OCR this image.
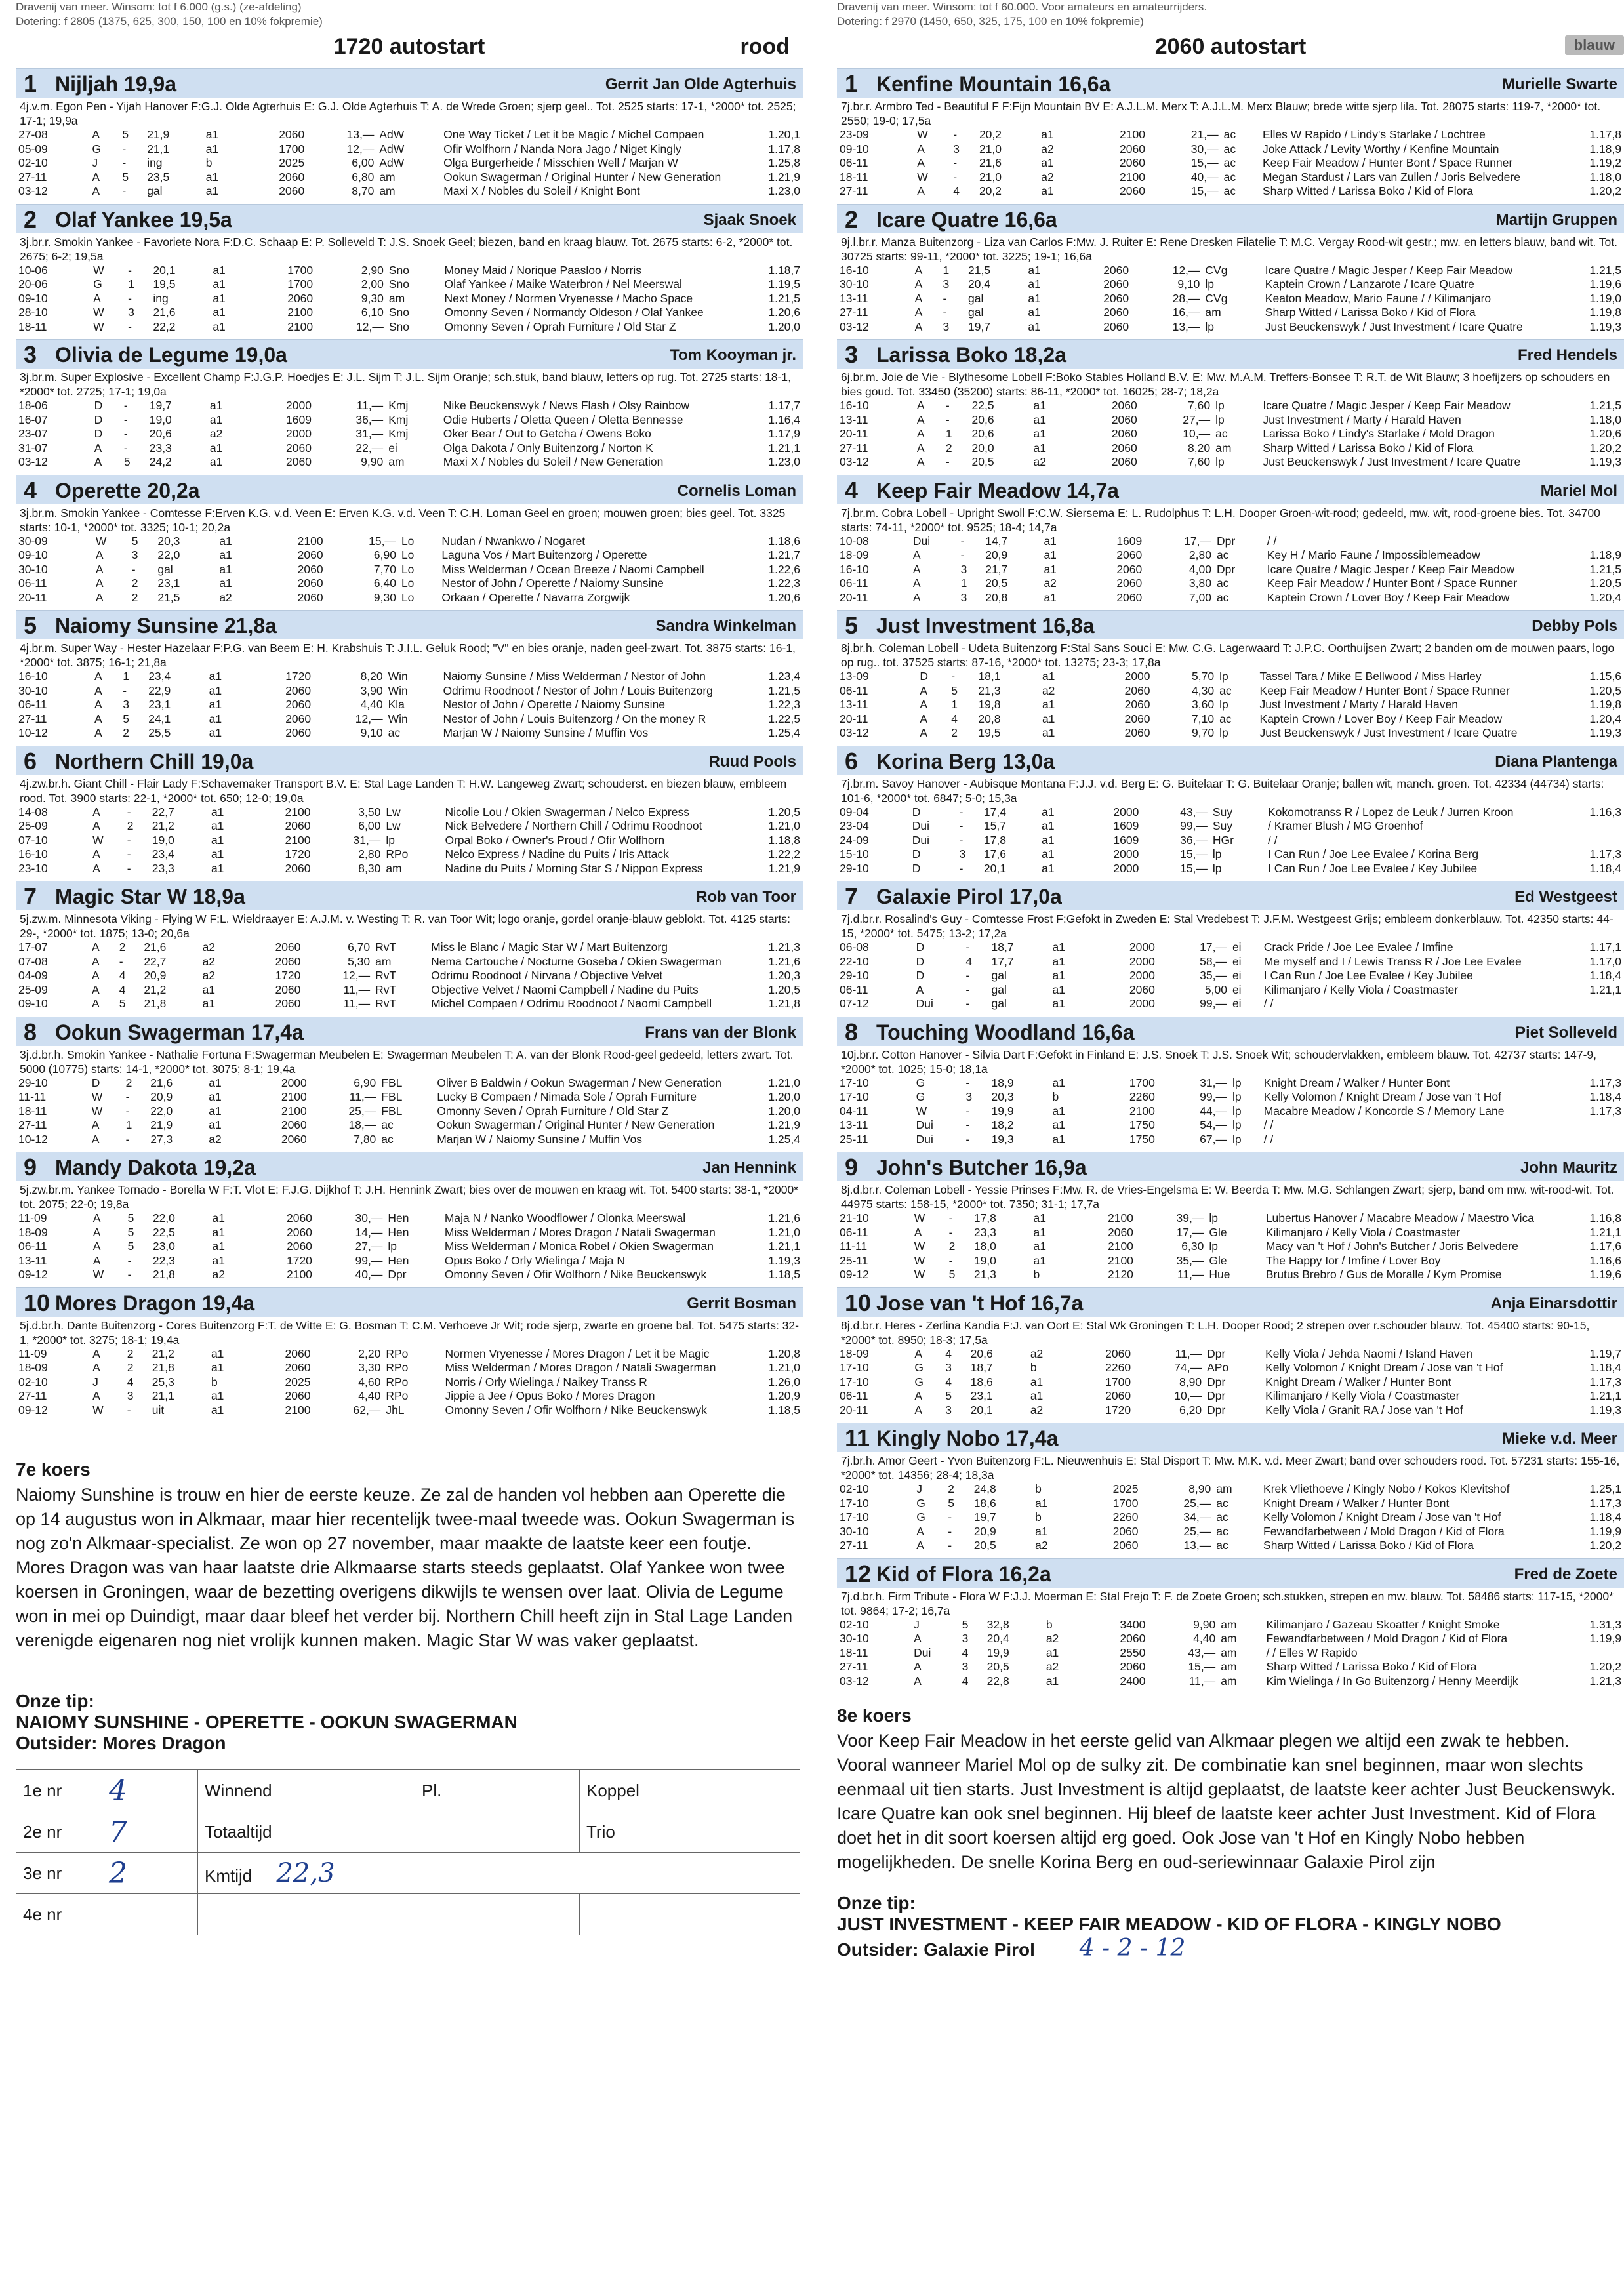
Dravenij van meer. Winsom: tot f 6.000 (g.s.) (ze-afdeling)
Dotering: f 2805 (1375, 625, 300, 150, 100 en 10% fokpremie)
1720 autostart	rood
1 Nijljah 19,9a	Gerrit Jan Olde Agterhuis
4j.v.m. Egon Pen - Yijah Hanover F:G.J. Olde Agterhuis E: G.J. Olde Agterhuis T: A. de Wrede Groen; sjerp geel.. Tot. 2525 starts: 17-1, *2000* tot. 2525; 17-1; 19,9a
27-08	A	5	21,9	a1	2060	13,—	AdW	One Way Ticket / Let it be Magic / Michel Compaen	1.20,1
05-09	G	-	21,1	a1	1700	12,—	AdW	Ofir Wolfhorn / Nanda Nora Jago / Niget Kingly	1.17,8
02-10	J	-	ing	b	2025	6,00	AdW	Olga Burgerheide / Misschien Well / Marjan W	1.25,8
27-11	A	5	23,5	a1	2060	6,80	am	Ookun Swagerman / Original Hunter / New Generation	1.21,9
03-12	A	-	gal	a1	2060	8,70	am	Maxi X / Nobles du Soleil / Knight Bont	1.23,0
2 Olaf Yankee 19,5a	Sjaak Snoek
3j.br.r. Smokin Yankee - Favoriete Nora F:D.C. Schaap E: P. Solleveld T: J.S. Snoek Geel; biezen, band en kraag blauw. Tot. 2675 starts: 6-2, *2000* tot. 2675; 6-2; 19,5a
10-06	W	-	20,1	a1	1700	2,90	Sno	Money Maid / Norique Paasloo / Norris	1.18,7
20-06	G	1	19,5	a1	1700	2,00	Sno	Olaf Yankee / Maike Waterbron / Nel Meerswal	1.19,5
09-10	A	-	ing	a1	2060	9,30	am	Next Money / Normen Vryenesse / Macho Space	1.21,5
28-10	W	3	21,6	a1	2100	6,10	Sno	Omonny Seven / Normandy Oldeson / Olaf Yankee	1.20,6
18-11	W	-	22,2	a1	2100	12,—	Sno	Omonny Seven / Oprah Furniture / Old Star Z	1.20,0
3 Olivia de Legume 19,0a	Tom Kooyman jr.
3j.br.m. Super Explosive - Excellent Champ F:J.G.P. Hoedjes E: J.L. Sijm T: J.L. Sijm Oranje; sch.stuk, band blauw, letters op rug. Tot. 2725 starts: 18-1, *2000* tot. 2725; 17-1; 19,0a
18-06	D	-	19,7	a1	2000	11,—	Kmj	Nike Beuckenswyk / News Flash / Olsy Rainbow	1.17,7
16-07	D	-	19,0	a1	1609	36,—	Kmj	Odie Huberts / Oletta Queen / Oletta Bennesse	1.16,4
23-07	D	-	20,6	a2	2000	31,—	Kmj	Oker Bear / Out to Getcha / Owens Boko	1.17,9
31-07	A	-	23,3	a1	2060	22,—	ei	Olga Dakota / Only Buitenzorg / Norton K	1.21,1
03-12	A	5	24,2	a1	2060	9,90	am	Maxi X / Nobles du Soleil / New Generation	1.23,0
4 Operette 20,2a	Cornelis Loman
3j.br.m. Smokin Yankee - Comtesse F:Erven K.G. v.d. Veen E: Erven K.G. v.d. Veen T: C.H. Loman Geel en groen; mouwen groen; bies geel. Tot. 3325 starts: 10-1, *2000* tot. 3325; 10-1; 20,2a
30-09	W	5	20,3	a1	2100	15,—	Lo	Nudan / Nwankwo / Nogaret	1.18,6
09-10	A	3	22,0	a1	2060	6,90	Lo	Laguna Vos / Mart Buitenzorg / Operette	1.21,7
30-10	A	-	gal	a1	2060	7,70	Lo	Miss Welderman / Ocean Breeze / Naomi Campbell	1.22,6
06-11	A	2	23,1	a1	2060	6,40	Lo	Nestor of John / Operette / Naiomy Sunsine	1.22,3
20-11	A	2	21,5	a2	2060	9,30	Lo	Orkaan / Operette / Navarra Zorgwijk	1.20,6
5 Naiomy Sunsine 21,8a	Sandra Winkelman
4j.br.m. Super Way - Hester Hazelaar F:P.G. van Beem E: H. Krabshuis T: J.I.L. Geluk Rood; "V" en bies oranje, naden geel-zwart. Tot. 3875 starts: 16-1, *2000* tot. 3875; 16-1; 21,8a
16-10	A	1	23,4	a1	1720	8,20	Win	Naiomy Sunsine / Miss Welderman / Nestor of John	1.23,4
30-10	A	-	22,9	a1	2060	3,90	Win	Odrimu Roodnoot / Nestor of John / Louis Buitenzorg	1.21,5
06-11	A	3	23,1	a1	2060	4,40	Kla	Nestor of John / Operette / Naiomy Sunsine	1.22,3
27-11	A	5	24,1	a1	2060	12,—	Win	Nestor of John / Louis Buitenzorg / On the money R	1.22,5
10-12	A	2	25,5	a1	2060	9,10	ac	Marjan W / Naiomy Sunsine / Muffin Vos	1.25,4
6 Northern Chill 19,0a	Ruud Pools
4j.zw.br.h. Giant Chill - Flair Lady F:Schavemaker Transport B.V. E: Stal Lage Landen T: H.W. Langeweg Zwart; schouderst. en biezen blauw, embleem rood. Tot. 3900 starts: 22-1, *2000* tot. 650; 12-0; 19,0a
14-08	A	-	22,7	a1	2100	3,50	Lw	Nicolie Lou / Okien Swagerman / Nelco Express	1.20,5
25-09	A	2	21,2	a1	2060	6,00	Lw	Nick Belvedere / Northern Chill / Odrimu Roodnoot	1.21,0
07-10	W	-	19,0	a1	2100	31,—	lp	Orpal Boko / Owner's Proud / Ofir Wolfhorn	1.18,8
16-10	A	-	23,4	a1	1720	2,80	RPo	Nelco Express / Nadine du Puits / Iris Attack	1.22,2
23-10	A	-	23,3	a1	2060	8,30	am	Nadine du Puits / Morning Star S / Nippon Express	1.21,9
7 Magic Star W 18,9a	Rob van Toor
5j.zw.m. Minnesota Viking - Flying W F:L. Wieldraayer E: A.J.M. v. Westing T: R. van Toor Wit; logo oranje, gordel oranje-blauw geblokt. Tot. 4125 starts: 29-, *2000* tot. 1875; 13-0; 20,6a
17-07	A	2	21,6	a2	2060	6,70	RvT	Miss le Blanc / Magic Star W / Mart Buitenzorg	1.21,3
07-08	A	-	22,7	a2	2060	5,30	am	Nema Cartouche / Nocturne Goseba / Okien Swagerman	1.21,6
04-09	A	4	20,9	a2	1720	12,—	RvT	Odrimu Roodnoot / Nirvana / Objective Velvet	1.20,3
25-09	A	4	21,2	a1	2060	11,—	RvT	Objective Velvet / Naomi Campbell / Nadine du Puits	1.20,5
09-10	A	5	21,8	a1	2060	11,—	RvT	Michel Compaen / Odrimu Roodnoot / Naomi Campbell	1.21,8
8 Ookun Swagerman 17,4a	Frans van der Blonk
3j.d.br.h. Smokin Yankee - Nathalie Fortuna F:Swagerman Meubelen E: Swagerman Meubelen T: A. van der Blonk Rood-geel gedeeld, letters zwart. Tot. 5000 (10775) starts: 14-1, *2000* tot. 3075; 8-1; 19,4a
29-10	D	2	21,6	a1	2000	6,90	FBL	Oliver B Baldwin / Ookun Swagerman / New Generation	1.21,0
11-11	W	-	20,9	a1	2100	11,—	FBL	Lucky B Compaen / Nimada Sole / Oprah Furniture	1.20,0
18-11	W	-	22,0	a1	2100	25,—	FBL	Omonny Seven / Oprah Furniture / Old Star Z	1.20,0
27-11	A	1	21,9	a1	2060	18,—	ac	Ookun Swagerman / Original Hunter / New Generation	1.21,9
10-12	A	-	27,3	a2	2060	7,80	ac	Marjan W / Naiomy Sunsine / Muffin Vos	1.25,4
9 Mandy Dakota 19,2a	Jan Hennink
5j.zw.br.m. Yankee Tornado - Borella W F:T. Vlot E: F.J.G. Dijkhof T: J.H. Hennink Zwart; bies over de mouwen en kraag wit. Tot. 5400 starts: 38-1, *2000* tot. 2075; 22-0; 19,8a
11-09	A	5	22,0	a1	2060	30,—	Hen	Maja N / Nanko Woodflower / Olonka Meerswal	1.21,6
18-09	A	5	22,5	a1	2060	14,—	Hen	Miss Welderman / Mores Dragon / Natali Swagerman	1.21,0
06-11	A	5	23,0	a1	2060	27,—	lp	Miss Welderman / Monica Robel / Okien Swagerman	1.21,1
13-11	A	-	22,3	a1	1720	99,—	Hen	Opus Boko / Orly Wielinga / Maja N	1.19,3
09-12	W	-	21,8	a2	2100	40,—	Dpr	Omonny Seven / Ofir Wolfhorn / Nike Beuckenswyk	1.18,5
10 Mores Dragon 19,4a	Gerrit Bosman
5j.d.br.h. Dante Buitenzorg - Cores Buitenzorg F:T. de Witte E: G. Bosman T: C.M. Verhoeve Jr Wit; rode sjerp, zwarte en groene bal. Tot. 5475 starts: 32-1, *2000* tot. 3275; 18-1; 19,4a
11-09	A	2	21,2	a1	2060	2,20	RPo	Normen Vryenesse / Mores Dragon / Let it be Magic	1.20,8
18-09	A	2	21,8	a1	2060	3,30	RPo	Miss Welderman / Mores Dragon / Natali Swagerman	1.21,0
02-10	J	4	25,3	b	2025	4,60	RPo	Norris / Orly Wielinga / Naikey Transs R	1.26,0
27-11	A	3	21,1	a1	2060	4,40	RPo	Jippie a Jee / Opus Boko / Mores Dragon	1.20,9
09-12	W	-	uit	a1	2100	62,—	JhL	Omonny Seven / Ofir Wolfhorn / Nike Beuckenswyk	1.18,5
7e koers

Naiomy Sunshine is trouw en hier de eerste keuze. Ze zal de handen vol hebben aan Operette die op 14 augustus won in Alkmaar, maar hier recentelijk twee-maal tweede was. Ookun Swagerman is nog zo'n Alkmaar-specialist. Ze won op 27 november, maar maakte de laatste keer een foutje. Mores Dragon was van haar laatste drie Alkmaarse starts steeds geplaatst. Olaf Yankee won twee koersen in Groningen, waar de bezetting overigens dikwijls te wensen over laat. Olivia de Legume won in mei op Duindigt, maar daar bleef het verder bij. Northern Chill heeft zijn in Stal Lage Landen verenigde eigenaren nog niet vrolijk kunnen maken. Magic Star W was vaker geplaatst.

Onze tip:
NAIOMY SUNSHINE - OPERETTE - OOKUN SWAGERMAN
Outsider: Mores Dragon
1e nr	4	Winnend	Pl.	Koppel
2e nr	7	Totaaltijd		Trio
3e nr	2	Kmtijd 22,3		
4e nr				
Dravenij van meer. Winsom: tot f 60.000. Voor amateurs en amateurrijders.
Dotering: f 2970 (1450, 650, 325, 175, 100 en 10% fokpremie)
2060 autostart	blauw
1 Kenfine Mountain 16,6a	Murielle Swarte
7j.br.r. Armbro Ted - Beautiful F F:Fijn Mountain BV E: A.J.L.M. Merx T: A.J.L.M. Merx Blauw; brede witte sjerp lila. Tot. 28075 starts: 119-7, *2000* tot. 2550; 19-0; 17,5a
23-09	W	-	20,2	a1	2100	21,—	ac	Elles W Rapido / Lindy's Starlake / Lochtree	1.17,8
09-10	A	3	21,0	a2	2060	30,—	ac	Joke Attack / Levity Worthy / Kenfine Mountain	1.18,9
06-11	A	-	21,6	a1	2060	15,—	ac	Keep Fair Meadow / Hunter Bont / Space Runner	1.19,2
18-11	W	-	21,0	a2	2100	40,—	ac	Megan Stardust / Lars van Zullen / Joris Belvedere	1.18,0
27-11	A	4	20,2	a1	2060	15,—	ac	Sharp Witted / Larissa Boko / Kid of Flora	1.20,2
2 Icare Quatre 16,6a	Martijn Gruppen
9j.l.br.r. Manza Buitenzorg - Liza van Carlos F:Mw. J. Ruiter E: Rene Dresken Filatelie T: M.C. Vergay Rood-wit gestr.; mw. en letters blauw, band wit. Tot. 30725 starts: 99-11, *2000* tot. 3225; 19-1; 16,6a
16-10	A	1	21,5	a1	2060	12,—	CVg	Icare Quatre / Magic Jesper / Keep Fair Meadow	1.21,5
30-10	A	3	20,4	a1	2060	9,10	lp	Kaptein Crown / Lanzarote / Icare Quatre	1.19,6
13-11	A	-	gal	a1	2060	28,—	CVg	Keaton Meadow, Mario Faune / / Kilimanjaro	1.19,0
27-11	A	-	gal	a1	2060	16,—	am	Sharp Witted / Larissa Boko / Kid of Flora	1.19,8
03-12	A	3	19,7	a1	2060	13,—	lp	Just Beuckenswyk / Just Investment / Icare Quatre	1.19,3
3 Larissa Boko 18,2a	Fred Hendels
6j.br.m. Joie de Vie - Blythesome Lobell F:Boko Stables Holland B.V. E: Mw. M.A.M. Treffers-Bonsee T: R.T. de Wit Blauw; 3 hoefijzers op schouders en bies goud. Tot. 33450 (35200) starts: 86-11, *2000* tot. 16025; 28-7; 18,2a
16-10	A	-	22,5	a1	2060	7,60	lp	Icare Quatre / Magic Jesper / Keep Fair Meadow	1.21,5
13-11	A	-	20,6	a1	2060	27,—	lp	Just Investment / Marty / Harald Haven	1.18,0
20-11	A	1	20,6	a1	2060	10,—	ac	Larissa Boko / Lindy's Starlake / Mold Dragon	1.20,6
27-11	A	2	20,0	a1	2060	8,20	am	Sharp Witted / Larissa Boko / Kid of Flora	1.20,2
03-12	A	-	20,5	a2	2060	7,60	lp	Just Beuckenswyk / Just Investment / Icare Quatre	1.19,3
4 Keep Fair Meadow 14,7a	Mariel Mol
7j.br.m. Cobra Lobell - Upright Swoll F:C.W. Siersema E: L. Rudolphus T: L.H. Dooper Groen-wit-rood; gedeeld, mw. wit, rood-groene bies. Tot. 34700 starts: 74-11, *2000* tot. 9525; 18-4; 14,7a
10-08	Dui	-	14,7	a1	1609	17,—	Dpr	/ /	
18-09	A	-	20,9	a1	2060	2,80	ac	Key H / Mario Faune / Impossiblemeadow	1.18,9
16-10	A	3	21,7	a1	2060	4,00	Dpr	Icare Quatre / Magic Jesper / Keep Fair Meadow	1.21,5
06-11	A	1	20,5	a2	2060	3,80	ac	Keep Fair Meadow / Hunter Bont / Space Runner	1.20,5
20-11	A	3	20,8	a1	2060	7,00	ac	Kaptein Crown / Lover Boy / Keep Fair Meadow	1.20,4
5 Just Investment 16,8a	Debby Pols
8j.br.h. Coleman Lobell - Udeta Buitenzorg F:Stal Sans Souci E: Mw. C.G. Lagerwaard T: J.P.C. Oorthuijsen Zwart; 2 banden om de mouwen paars, logo op rug.. tot. 37525 starts: 87-16, *2000* tot. 13275; 23-3; 17,8a
13-09	D	-	18,1	a1	2000	5,70	lp	Tassel Tara / Mike E Bellwood / Miss Harley	1.15,6
06-11	A	5	21,3	a2	2060	4,30	ac	Keep Fair Meadow / Hunter Bont / Space Runner	1.20,5
13-11	A	1	19,8	a1	2060	3,60	lp	Just Investment / Marty / Harald Haven	1.19,8
20-11	A	4	20,8	a1	2060	7,10	ac	Kaptein Crown / Lover Boy / Keep Fair Meadow	1.20,4
03-12	A	2	19,5	a1	2060	9,70	lp	Just Beuckenswyk / Just Investment / Icare Quatre	1.19,3
6 Korina Berg 13,0a	Diana Plantenga
7j.br.m. Savoy Hanover - Aubisque Montana F:J.J. v.d. Berg E: G. Buitelaar T: G. Buitelaar Oranje; ballen wit, manch. groen. Tot. 42334 (44734) starts: 101-6, *2000* tot. 6847; 5-0; 15,3a
09-04	D	-	17,4	a1	2000	43,—	Suy	Kokomotranss R / Lopez de Leuk / Jurren Kroon	1.16,3
23-04	Dui	-	15,7	a1	1609	99,—	Suy	/ Kramer Blush / MG Groenhof	
24-09	Dui	-	17,8	a1	1609	36,—	HGr	/ /	
15-10	D	3	17,6	a1	2000	15,—	lp	I Can Run / Joe Lee Evalee / Korina Berg	1.17,3
29-10	D	-	20,1	a1	2000	15,—	lp	I Can Run / Joe Lee Evalee / Key Jubilee	1.18,4
7 Galaxie Pirol 17,0a	Ed Westgeest
7j.d.br.r. Rosalind's Guy - Comtesse Frost F:Gefokt in Zweden E: Stal Vredebest T: J.F.M. Westgeest Grijs; embleem donkerblauw. Tot. 42350 starts: 44-15, *2000* tot. 5475; 13-2; 17,2a
06-08	D	-	18,7	a1	2000	17,—	ei	Crack Pride / Joe Lee Evalee / Imfine	1.17,1
22-10	D	4	17,7	a1	2000	58,—	ei	Me myself and I / Lewis Transs R / Joe Lee Evalee	1.17,0
29-10	D	-	gal	a1	2000	35,—	ei	I Can Run / Joe Lee Evalee / Key Jubilee	1.18,4
06-11	A	-	gal	a1	2060	5,00	ei	Kilimanjaro / Kelly Viola / Coastmaster	1.21,1
07-12	Dui	-	gal	a1	2000	99,—	ei	/ /	
8 Touching Woodland 16,6a	Piet Solleveld
10j.br.r. Cotton Hanover - Silvia Dart F:Gefokt in Finland E: J.S. Snoek T: J.S. Snoek Wit; schoudervlakken, embleem blauw. Tot. 42737 starts: 147-9, *2000* tot. 1025; 15-0; 18,1a
17-10	G	-	18,9	a1	1700	31,—	lp	Knight Dream / Walker / Hunter Bont	1.17,3
17-10	G	3	20,3	b	2260	99,—	lp	Kelly Volomon / Knight Dream / Jose van 't Hof	1.18,4
04-11	W	-	19,9	a1	2100	44,—	lp	Macabre Meadow / Koncorde S / Memory Lane	1.17,3
13-11	Dui	-	18,2	a1	1750	54,—	lp	/ /	
25-11	Dui	-	19,3	a1	1750	67,—	lp	/ /	
9 John's Butcher 16,9a	John Mauritz
8j.d.br.r. Coleman Lobell - Yessie Prinses F:Mw. R. de Vries-Engelsma E: W. Beerda T: Mw. M.G. Schlangen Zwart; sjerp, band om mw. wit-rood-wit. Tot. 44975 starts: 158-15, *2000* tot. 7350; 31-1; 17,7a
21-10	W	-	17,8	a1	2100	39,—	lp	Lubertus Hanover / Macabre Meadow / Maestro Vica	1.16,8
06-11	A	-	23,3	a1	2060	17,—	Gle	Kilimanjaro / Kelly Viola / Coastmaster	1.21,1
11-11	W	2	18,0	a1	2100	6,30	lp	Macy van 't Hof / John's Butcher / Joris Belvedere	1.17,6
25-11	W	-	19,0	a1	2100	35,—	Gle	The Happy Ior / Imfine / Lover Boy	1.16,6
09-12	W	5	21,3	b	2120	11,—	Hue	Brutus Brebro / Gus de Moralle / Kym Promise	1.19,6
10 Jose van 't Hof 16,7a	Anja Einarsdottir
8j.d.br.r. Heres - Zerlina Kandia F:J. van Oort E: Stal Wk Groningen T: L.H. Dooper Rood; 2 strepen over r.schouder blauw. Tot. 45400 starts: 90-15, *2000* tot. 8950; 18-3; 17,5a
18-09	A	4	20,6	a2	2060	11,—	Dpr	Kelly Viola / Jehda Naomi / Island Haven	1.19,7
17-10	G	3	18,7	b	2260	74,—	APo	Kelly Volomon / Knight Dream / Jose van 't Hof	1.18,4
17-10	G	4	18,6	a1	1700	8,90	Dpr	Knight Dream / Walker / Hunter Bont	1.17,3
06-11	A	5	23,1	a1	2060	10,—	Dpr	Kilimanjaro / Kelly Viola / Coastmaster	1.21,1
20-11	A	3	20,1	a2	1720	6,20	Dpr	Kelly Viola / Granit RA / Jose van 't Hof	1.19,3
11 Kingly Nobo 17,4a	Mieke v.d. Meer
7j.br.h. Amor Geert - Yvon Buitenzorg F:L. Nieuwenhuis E: Stal Disport T: Mw. M.K. v.d. Meer Zwart; band over schouders rood. Tot. 57231 starts: 155-16, *2000* tot. 14356; 28-4; 18,3a
02-10	J	2	24,8	b	2025	8,90	am	Krek Vliethoeve / Kingly Nobo / Kokos Klevitshof	1.25,1
17-10	G	5	18,6	a1	1700	25,—	ac	Knight Dream / Walker / Hunter Bont	1.17,3
17-10	G	-	19,7	b	2260	34,—	ac	Kelly Volomon / Knight Dream / Jose van 't Hof	1.18,4
30-10	A	-	20,9	a1	2060	25,—	ac	Fewandfarbetween / Mold Dragon / Kid of Flora	1.19,9
27-11	A	-	20,5	a2	2060	13,—	ac	Sharp Witted / Larissa Boko / Kid of Flora	1.20,2
12 Kid of Flora 16,2a	Fred de Zoete
7j.d.br.h. Firm Tribute - Flora W F:J.J. Moerman E: Stal Frejo T: F. de Zoete Groen; sch.stukken, strepen en mw. blauw. Tot. 58486 starts: 117-15, *2000* tot. 9864; 17-2; 16,7a
02-10	J	5	32,8	b	3400	9,90	am	Kilimanjaro / Gazeau Skoatter / Knight Smoke	1.31,3
30-10	A	3	20,4	a2	2060	4,40	am	Fewandfarbetween / Mold Dragon / Kid of Flora	1.19,9
18-11	Dui	4	19,9	a1	2550	43,—	am	/ / Elles W Rapido	
27-11	A	3	20,5	a2	2060	15,—	am	Sharp Witted / Larissa Boko / Kid of Flora	1.20,2
03-12	A	4	22,8	a1	2400	11,—	am	Kim Wielinga / In Go Buitenzorg / Henny Meerdijk	1.21,3
8e koers

Voor Keep Fair Meadow in het eerste gelid van Alkmaar plegen we altijd een zwak te hebben. Vooral wanneer Mariel Mol op de sulky zit. De combinatie kan snel beginnen, maar won slechts eenmaal uit tien starts. Just Investment is altijd geplaatst, de laatste keer achter Just Beuckenswyk. Icare Quatre kan ook snel beginnen. Hij bleef de laatste keer achter Just Investment. Kid of Flora doet het in dit soort koersen altijd erg goed. Ook Jose van 't Hof en Kingly Nobo hebben mogelijkheden. De snelle Korina Berg en oud-seriewinnaar Galaxie Pirol zijn

Onze tip:
JUST INVESTMENT - KEEP FAIR MEADOW - KID OF FLORA - KINGLY NOBO
Outsider: Galaxie Pirol 4 - 2 - 12
